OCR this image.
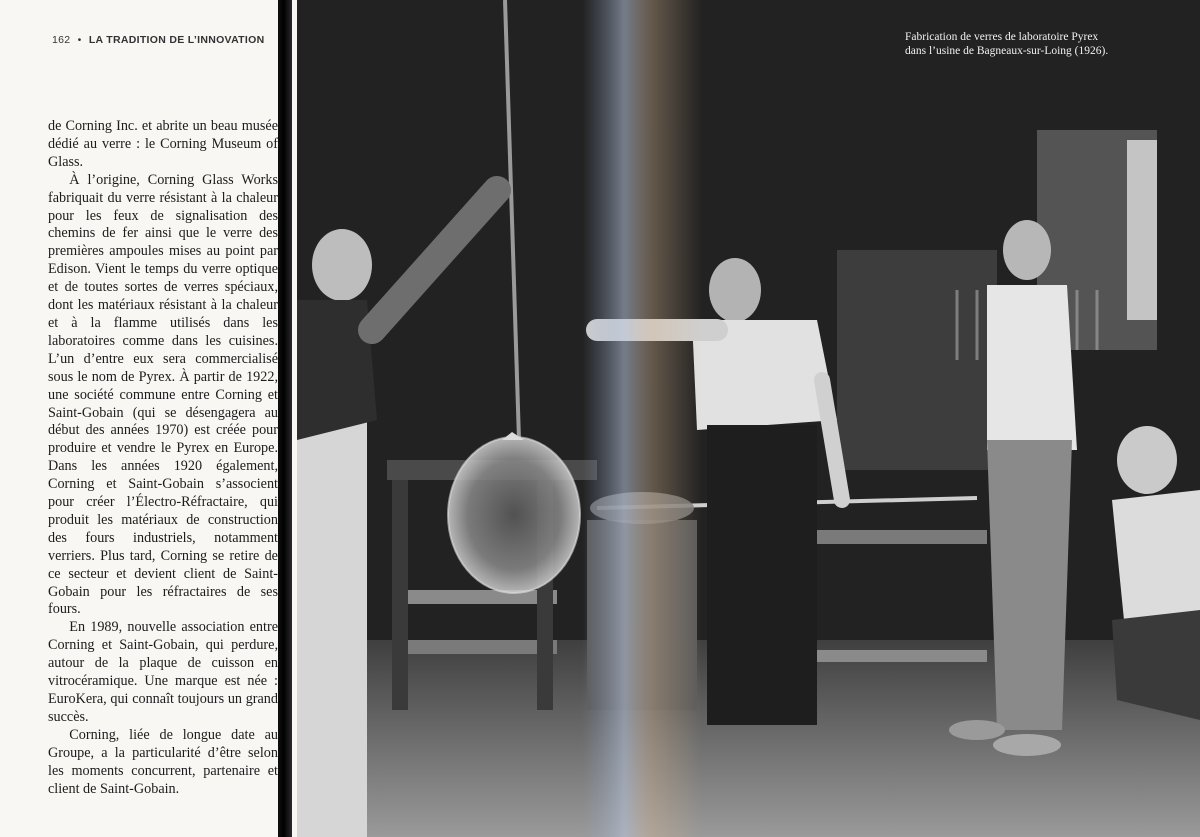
162 • LA TRADITION DE L’INNOVATION

de Corning Inc. et abrite un beau musée dédié au verre : le Corning Museum of Glass.

À l’origine, Corning Glass Works fabriquait du verre résistant à la chaleur pour les feux de signalisation des chemins de fer ainsi que le verre des premières ampoules mises au point par Edison. Vient le temps du verre optique et de toutes sortes de verres spéciaux, dont les matériaux résistant à la chaleur et à la flamme utilisés dans les laboratoires comme dans les cuisines. L’un d’entre eux sera commercialisé sous le nom de Pyrex. À partir de 1922, une société commune entre Corning et Saint-Gobain (qui se désengagera au début des années 1970) est créée pour produire et vendre le Pyrex en Europe. Dans les années 1920 également, Corning et Saint-Gobain s’associent pour créer l’Électro-Réfractaire, qui produit les matériaux de construction des fours industriels, notamment verriers. Plus tard, Corning se retire de ce secteur et devient client de Saint-Gobain pour les réfractaires de ses fours.

En 1989, nouvelle association entre Corning et Saint-Gobain, qui perdure, autour de la plaque de cuisson en vitrocéramique. Une marque est née : EuroKera, qui connaît toujours un grand succès.

Corning, liée de longue date au Groupe, a la particularité d’être selon les moments concurrent, partenaire et client de Saint-Gobain.

Fabrication de verres de laboratoire Pyrex
dans l’usine de Bagneaux-sur-Loing (1926).
